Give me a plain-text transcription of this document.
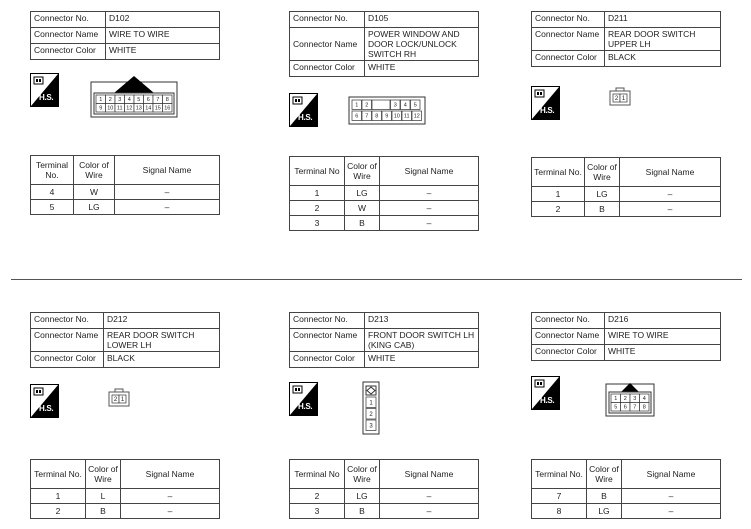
Connector No.	D102
Connector Name	WIRE TO WIRE
Connector Color	WHITE
H.S.	1 2 3 4 5 6 7 8
9 10 11 12 13 14 15 16
Terminal No.	Color of Wire	Signal Name
4	W	–
5	LG	–
Connector No.	D105
Connector Name	POWER WINDOW AND DOOR LOCK/UNLOCK SWITCH RH
Connector Color	WHITE
H.S.
1 2	3 4 5
6 7 8 9 10 11 12
Terminal No	Color of Wire	Signal Name
1	LG	–
2	W	–
3	B	–
Connector No.	D211
Connector Name	REAR DOOR SWITCH UPPER LH
Connector Color	BLACK
H.S.
2 1
Terminal No.	Color of Wire	Signal Name
1	LG	–
2	B	–
Connector No.	D212
Connector Name	REAR DOOR SWITCH LOWER LH
Connector Color	BLACK
H.S.
2 1
Terminal No.	Color of Wire	Signal Name
1	L	–
2	B	–
Connector No.	D213
Connector Name	FRONT DOOR SWITCH LH (KING CAB)
Connector Color	WHITE
H.S.	1
2
3
Terminal No	Color of Wire	Signal Name
2	LG	–
3	B	–
Connector No.	D216
Connector Name	WIRE TO WIRE
Connector Color	WHITE
H.S.	1 2 3 4
5 6 7 8
Terminal No.	Color of Wire	Signal Name
7	B	–
8	LG	–
